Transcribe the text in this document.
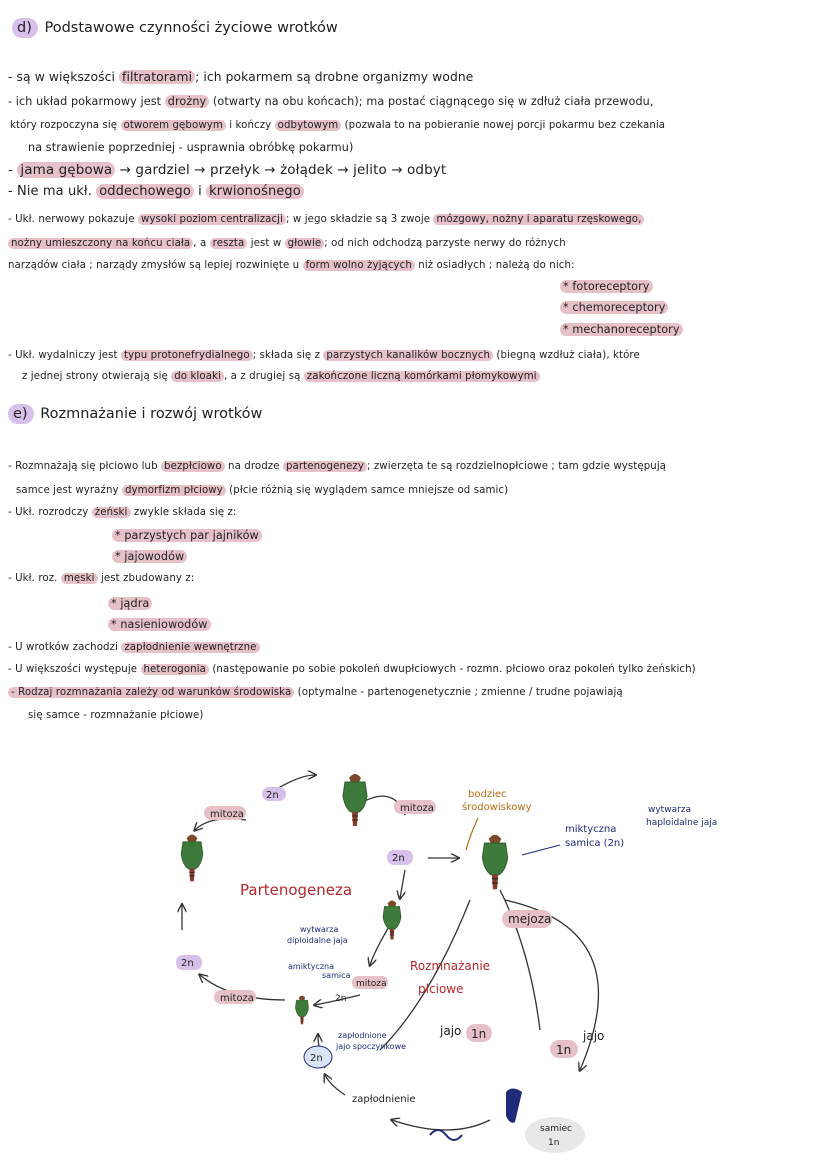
d) Podstawowe czynności życiowe wrotków
- są w większości filtratorami ; ich pokarmem są drobne organizmy wodne
- ich układ pokarmowy jest drożny (otwarty na obu końcach); ma postać ciągnącego się w zdłuż ciała przewodu,
który rozpoczyna się otworem gębowym i kończy odbytowym (pozwala to na pobieranie nowej porcji pokarmu bez czekania
na strawienie poprzedniej - usprawnia obróbkę pokarmu)
- jama gębowa → gardziel → przełyk → żołądek → jelito → odbyt
- Nie ma ukł. oddechowego i krwionośnego
- Ukł. nerwowy pokazuje wysoki poziom centralizacji ; w jego składzie są 3 zwoje mózgowy, nożny i aparatu rzęskowego,
nożny umieszczony na końcu ciała , a reszta jest w głowie ; od nich odchodzą parzyste nerwy do różnych
narządów ciała ; narządy zmysłów są lepiej rozwinięte u form wolno żyjących niż osiadłych ; należą do nich:
* fotoreceptory
* chemoreceptory
* mechanoreceptory
- Ukł. wydalniczy jest typu protonefrydialnego ; składa się z parzystych kanalików bocznych (biegną wzdłuż ciała), które
z jednej strony otwierają się do kloaki , a z drugiej są zakończone liczną komórkami płomykowymi
e) Rozmnażanie i rozwój wrotków
- Rozmnażają się płciowo lub bezpłciowo na drodze partenogenezy ; zwierzęta te są rozdzielnopłciowe ; tam gdzie występują
samce jest wyraźny dymorfizm płciowy (płcie różnią się wyglądem samce mniejsze od samic)
- Ukł. rozrodczy żeński zwykle składa się z:
* parzystych par jajników
* jajowodów
- Ukł. roz. męski jest zbudowany z:
* jądra
* nasieniowodów
- U wrotków zachodzi zapłodnienie wewnętrzne
- U większości występuje heterogonia (następowanie po sobie pokoleń dwupłciowych - rozmn. płciowo oraz pokoleń tylko żeńskich)
- Rodzaj rozmnażania zależy od warunków środowiska (optymalne - partenogenetycznie ; zmienne / trudne pojawiają
się samce - rozmnażanie płciowe)
Partenogeneza
Rozmnażanie
płciowe
mitoza
2n
mitoza
2n
2n
mitoza
mitoza
2n
mejoza
jajo 1n
1n
jajo
bodziec
środowiskowy	wytwarza
haploidalne jaja
miktyczna
samica (2n)
wytwarza
diploidalne jaja
amiktyczna
samica
zapłodnione
jajo spoczynkowe
2n
zapłodnienie
samiec
1n
